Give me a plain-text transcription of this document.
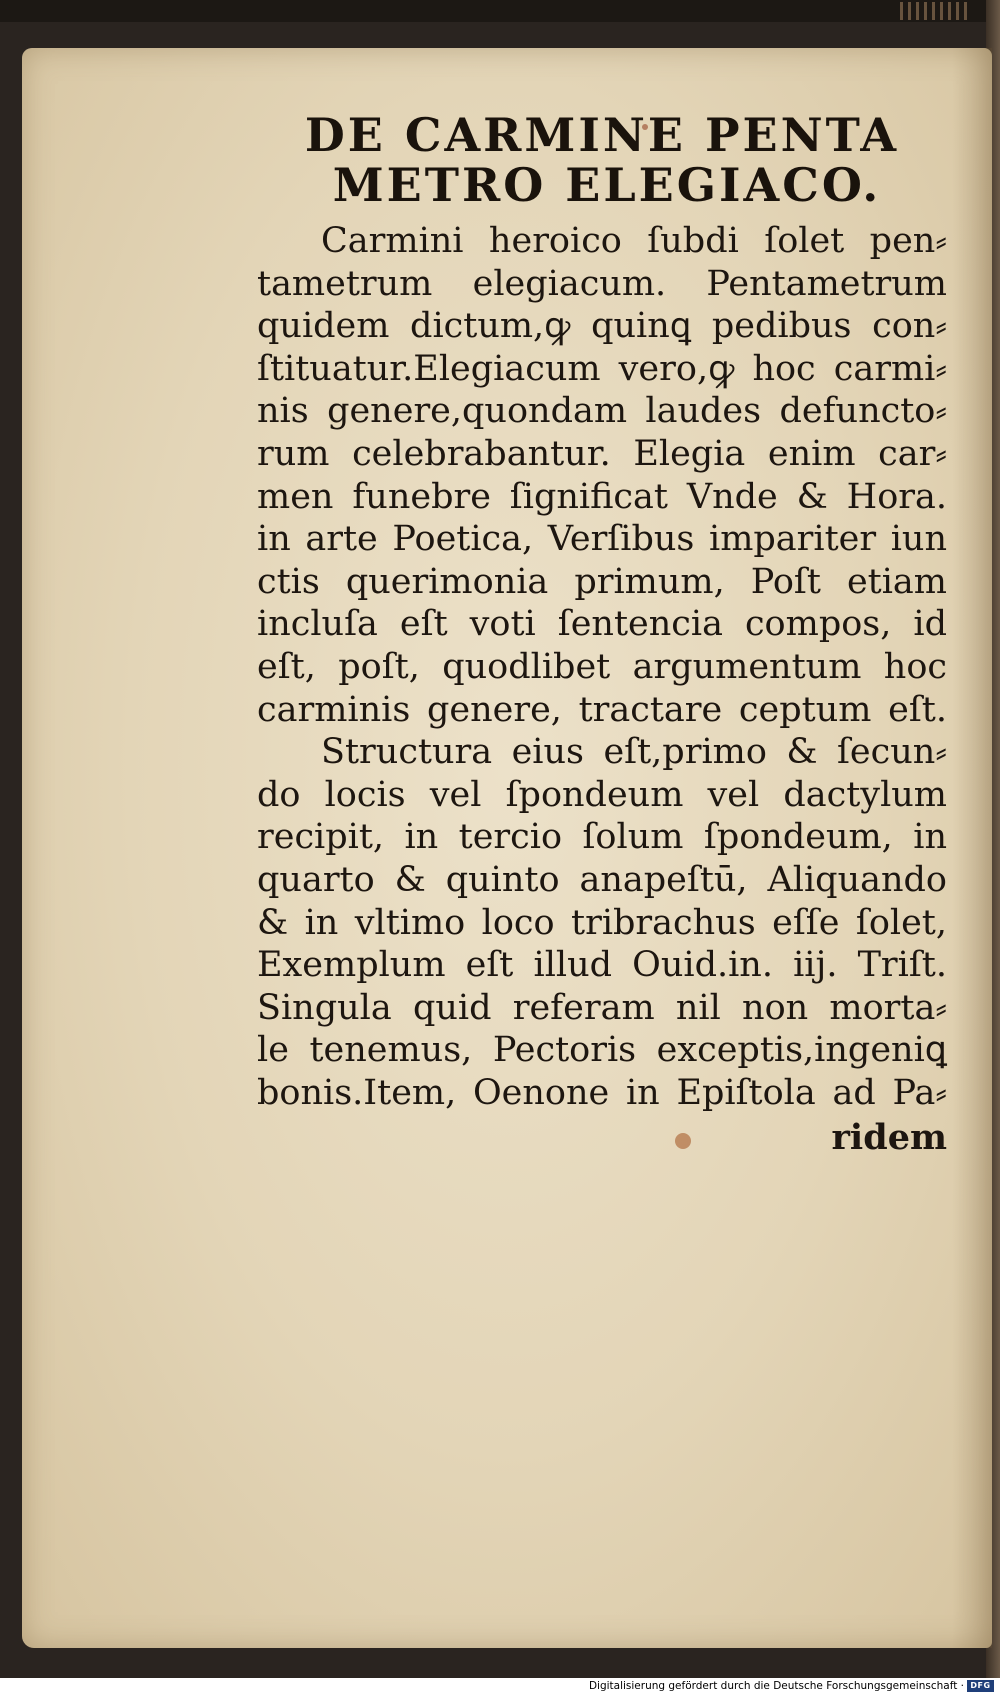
DE CARMINE PENTA
METRO ELEGIACO.
Carmini heroico ſubdi ſolet pen⸗
tametrum elegiacum. Pentametrum
quidem dictum,ꝙ quinꝗ pedibus con⸗
ſtituatur.Elegiacum vero,ꝙ hoc carmi⸗
nis genere,quondam laudes defuncto⸗
rum celebrabantur. Elegia enim car⸗
men funebre ſignificat Vnde & Hora.
in arte Poetica, Verſibus impariter iun
ctis querimonia primum, Poſt etiam
incluſa eſt voti ſentencia compos, id
eſt, poſt, quodlibet argumentum hoc
carminis genere, tractare ceptum eſt.
Structura eius eſt,primo & ſecun⸗
do locis vel ſpondeum vel dactylum
recipit, in tercio ſolum ſpondeum, in
quarto & quinto anapeſtū, Aliquando
& in vltimo loco tribrachus eſſe ſolet,
Exemplum eſt illud Ouid.in. iij. Triſt.
Singula quid referam nil non morta⸗
le tenemus, Pectoris exceptis,ingeniꝗ
bonis.Item, Oenone in Epiſtola ad Pa⸗
ridem
Digitalisierung gefördert durch die Deutsche Forschungsgemeinschaft · DFG
